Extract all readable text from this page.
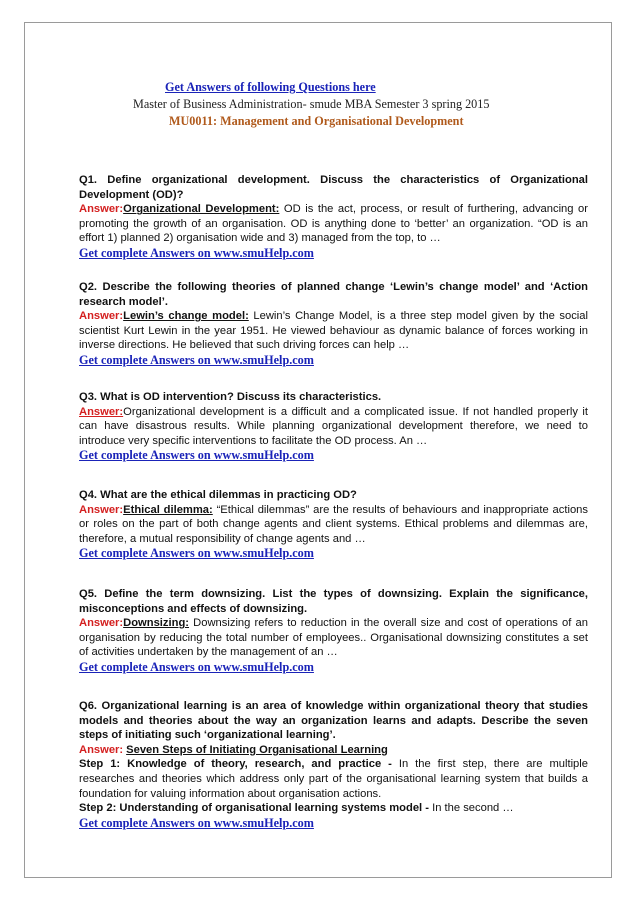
Get Answers of following Questions here
Master of Business Administration- smude MBA Semester 3 spring 2015
MU0011: Management and Organisational Development
Q1. Define organizational development. Discuss the characteristics of Organizational Development (OD)?
Answer:Organizational Development: OD is the act, process, or result of furthering, advancing or promoting the growth of an organisation. OD is anything done to ‘better’ an organization. “OD is an effort 1) planned 2) organisation wide and 3) managed from the top, to …
Get complete Answers on www.smuHelp.com
Q2. Describe the following theories of planned change ‘Lewin’s change model’ and ‘Action research model’.
Answer:Lewin’s change model: Lewin’s Change Model, is a three step model given by the social scientist Kurt Lewin in the year 1951. He viewed behaviour as dynamic balance of forces working in inverse directions. He believed that such driving forces can help …
Get complete Answers on www.smuHelp.com
Q3. What is OD intervention? Discuss its characteristics.
Answer:Organizational development is a difficult and a complicated issue. If not handled properly it can have disastrous results. While planning organizational development therefore, we need to introduce very specific interventions to facilitate the OD process. An …
Get complete Answers on www.smuHelp.com
Q4. What are the ethical dilemmas in practicing OD?
Answer:Ethical dilemma: “Ethical dilemmas” are the results of behaviours and inappropriate actions or roles on the part of both change agents and client systems. Ethical problems and dilemmas are, therefore, a mutual responsibility of change agents and …
Get complete Answers on www.smuHelp.com
Q5. Define the term downsizing. List the types of downsizing. Explain the significance, misconceptions and effects of downsizing.
Answer:Downsizing: Downsizing refers to reduction in the overall size and cost of operations of an organisation by reducing the total number of employees.. Organisational downsizing constitutes a set of activities undertaken by the management of an …
Get complete Answers on www.smuHelp.com
Q6. Organizational learning is an area of knowledge within organizational theory that studies models and theories about the way an organization learns and adapts. Describe the seven steps of initiating such ‘organizational learning’.
Answer: Seven Steps of Initiating Organisational Learning
Step 1: Knowledge of theory, research, and practice - In the first step, there are multiple researches and theories which address only part of the organisational learning system that builds a foundation for valuing information about organisation actions.
Step 2: Understanding of organisational learning systems model - In the second …
Get complete Answers on www.smuHelp.com
